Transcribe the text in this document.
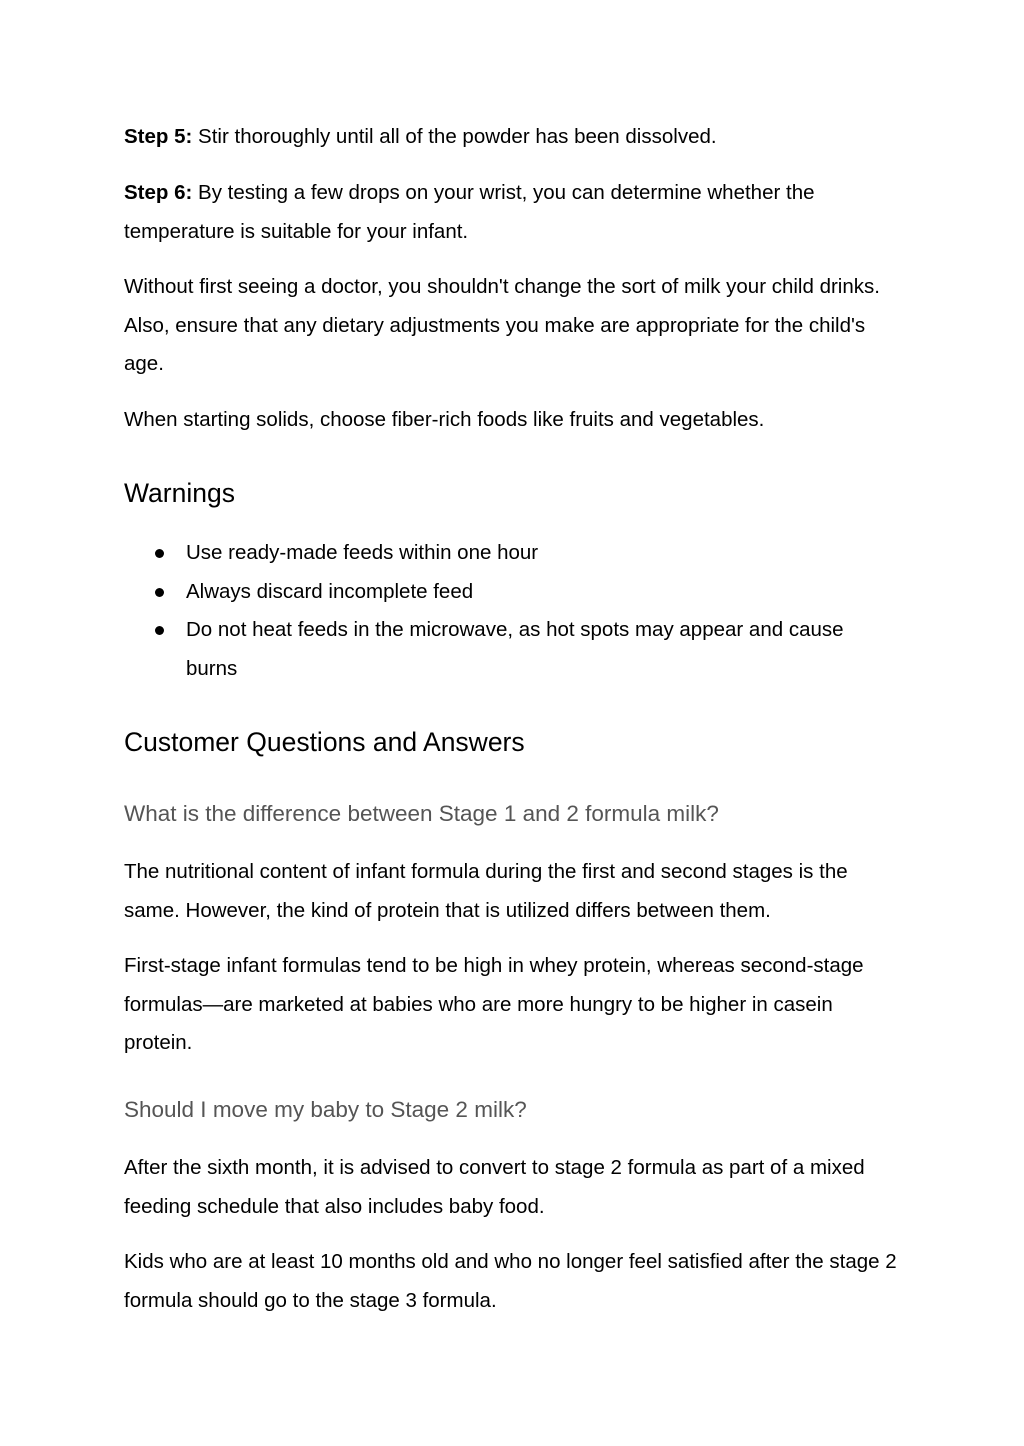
Step 5: Stir thoroughly until all of the powder has been dissolved.

Step 6: By testing a few drops on your wrist, you can determine whether the temperature is suitable for your infant.

Without first seeing a doctor, you shouldn't change the sort of milk your child drinks. Also, ensure that any dietary adjustments you make are appropriate for the child's age.

When starting solids, choose fiber-rich foods like fruits and vegetables.

Warnings
Use ready-made feeds within one hour
Always discard incomplete feed
Do not heat feeds in the microwave, as hot spots may appear and cause burns
Customer Questions and Answers
What is the difference between Stage 1 and 2 formula milk?

The nutritional content of infant formula during the first and second stages is the same. However, the kind of protein that is utilized differs between them.

First-stage infant formulas tend to be high in whey protein, whereas second-stage formulas—are marketed at babies who are more hungry to be higher in casein protein.

Should I move my baby to Stage 2 milk?

After the sixth month, it is advised to convert to stage 2 formula as part of a mixed feeding schedule that also includes baby food.

Kids who are at least 10 months old and who no longer feel satisfied after the stage 2 formula should go to the stage 3 formula.
